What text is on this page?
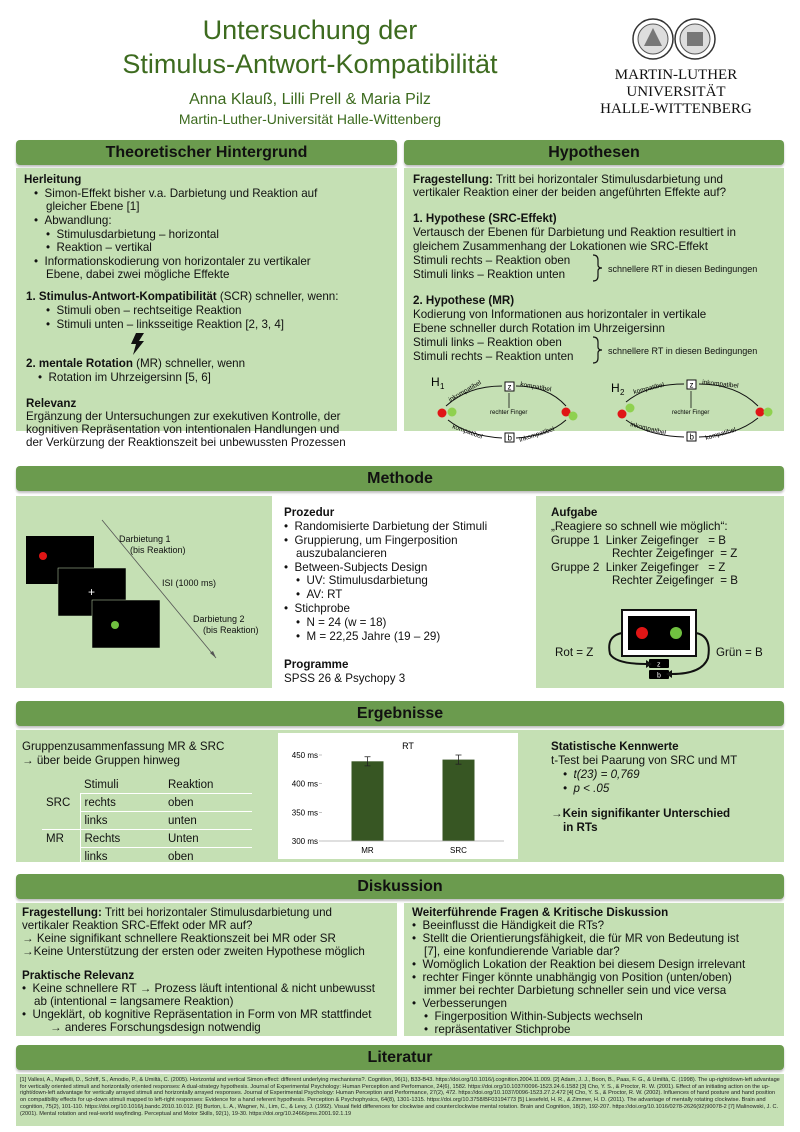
Untersuchung der
Stimulus-Antwort-Kompatibilität
Anna Klauß, Lilli Prell & Maria Pilz
Martin-Luther-Universität Halle-Wittenberg
MARTIN-LUTHER
UNIVERSITÄT
HALLE-WITTENBERG
Theoretischer Hintergrund
Herleitung
•  Simon-Effekt bisher v.a. Darbietung und Reaktion auf
gleicher Ebene [1]
•  Abwandlung:
•  Stimulusdarbietung – horizontal
•  Reaktion – vertikal
•  Informationskodierung von horizontaler zu vertikaler
Ebene, dabei zwei mögliche Effekte
1. Stimulus-Antwort-Kompatibilität (SCR) schneller, wenn:
•  Stimuli oben – rechtseitige Reaktion
•  Stimuli unten – linksseitige Reaktion [2, 3, 4]
2. mentale Rotation (MR) schneller, wenn
•  Rotation im Uhrzeigersinn [5, 6]
Relevanz
Ergänzung der Untersuchungen zur exekutiven Kontrolle, der
kognitiven Repräsentation von intentionalen Handlungen und
der Verkürzung der Reaktionszeit bei unbewussten Prozessen
Hypothesen
Fragestellung: Tritt bei horizontaler Stimulusdarbietung und
vertikaler Reaktion einer der beiden angeführten Effekte auf?
1. Hypothese (SRC-Effekt)
Vertausch der Ebenen für Darbietung und Reaktion resultiert in
gleichem Zusammenhang der Lokationen wie SRC-Effekt
Stimuli rechts – Reaktion oben
Stimuli links – Reaktion unten	schnellere RT in diesen Bedingungen
2. Hypothese (MR)
Kodierung von Informationen aus horizontaler in vertikale
Ebene schneller durch Rotation im Uhrzeigersinn
Stimuli links – Reaktion oben
Stimuli rechts – Reaktion unten	schnellere RT in diesen Bedingungen
H 1	z
b
rechter Finger
kompatibel
inkompatibel
kompatibel	inkompatibel
H 2
z
b
rechter Finger
kompatibel	inkompatibel
inkompatibel	kompatibel
Methode
+
Darbietung 1
(bis Reaktion)
ISI (1000 ms)
Darbietung 2
(bis Reaktion)
Prozedur
•  Randomisierte Darbietung der Stimuli
•  Gruppierung, um Fingerposition
auszubalancieren
•  Between-Subjects Design
•  UV: Stimulusdarbietung
•  AV: RT
•  Stichprobe
•  N = 24 (w = 18)
•  M = 22,25 Jahre (19 – 29)
Programme
SPSS 26 & Psychopy 3
Aufgabe
„Reagiere so schnell wie möglich“:
Gruppe 1  Linker Zeigefinger   = B
Rechter Zeigefinger  = Z
Gruppe 2  Linker Zeigefinger   = Z
Rechter Zeigefinger  = B
z
b
Rot = Z	Grün = B
Ergebnisse
Gruppenzusammenfassung MR & SRC
→ über beide Gruppen hinweg
	Stimuli	Reaktion
SRC	rechts	oben
	links	unten
MR	Rechts	Unten
	links	oben
RT
300 ms
350 ms
400 ms
450 ms
MR	SRC
Statistische Kennwerte
t-Test bei Paarung von SRC und MT
•  t(23) = 0,769
•  p < .05
→Kein signifikanter Unterschied
in RTs
Diskussion
Fragestellung: Tritt bei horizontaler Stimulusdarbietung und
vertikaler Reaktion SRC-Effekt oder MR auf?
→ Keine signifikant schnellere Reaktionszeit bei MR oder SR
→Keine Unterstützung der ersten oder zweiten Hypothese möglich
Praktische Relevanz
•  Keine schnellere RT → Prozess läuft intentional & nicht unbewusst
ab (intentional = langsamere Reaktion)
•  Ungeklärt, ob kognitive Repräsentation in Form von MR stattfindet
→ anderes Forschungsdesign notwendig
Weiterführende Fragen & Kritische Diskussion
•  Beeinflusst die Händigkeit die RTs?
•  Stellt die Orientierungsfähigkeit, die für MR von Bedeutung ist
[7], eine konfundierende Variable dar?
•  Womöglich Lokation der Reaktion bei diesem Design irrelevant
•  rechter Finger könnte unabhängig von Position (unten/oben)
immer bei rechter Darbietung schneller sein und vice versa
•  Verbesserungen
•  Fingerposition Within-Subjects wechseln
•  repräsentativer Stichprobe
Literatur
[1] Vallesi, A., Mapelli, D., Schiff, S., Amodio, P., & Umiltà, C. (2005). Horizontal and vertical Simon effect: different underlying mechanisms?. Cognition, 96(1), B33-B43. https://doi.org/10.1016/j.cognition.2004.11.009. [2] Adam, J. J., Boon, B., Paas, F. G., & Umiltà, C. (1998). The up-right/down-left advantage for vertically oriented stimuli and horizontally oriented responses: A dual-strategy hypothesis. Journal of Experimental Psychology: Human Perception and Performance, 24(6), 1582. https://doi.org/10.1037/0096-1523.24.6.1582 [3] Cho, Y. S., & Proctor, R. W. (2001). Effect of an initiating action on the up-right/down-left advantage for vertically arrayed stimuli and horizontally arrayed responses. Journal of Experimental Psychology: Human Perception and Performance, 27(2), 472. https://doi.org/10.1037/0096-1523.27.2.472 [4] Cho, Y. S., & Proctor, R. W. (2002). Influences of hand posture and hand position on compatibility effects for up-down stimuli mapped to left-right responses: Evidence for a hand referent hypothesis. Perception & Psychophysics, 64(8), 1301-1315. https://doi.org/10.3758/BF03194773 [5] Liesefeld, H. R., & Zimmer, H. D. (2011). The advantage of mentally rotating clockwise. Brain and cognition, 75(2), 101-110. https://doi.org/10.1016/j.bandc.2010.10.012. [6] Burton, L. A., Wagner, N., Lim, C., & Levy, J. (1992). Visual field differences for clockwise and counterclockwise mental rotation. Brain and Cognition, 18(2), 192-207. https://doi.org/10.1016/0278-2626(92)90078-2 [7] Malinowski, J. C. (2001). Mental rotation and real-world wayfinding. Perceptual and Motor Skills, 92(1), 19-30. https://doi.org/10.2466/pms.2001.92.1.19
